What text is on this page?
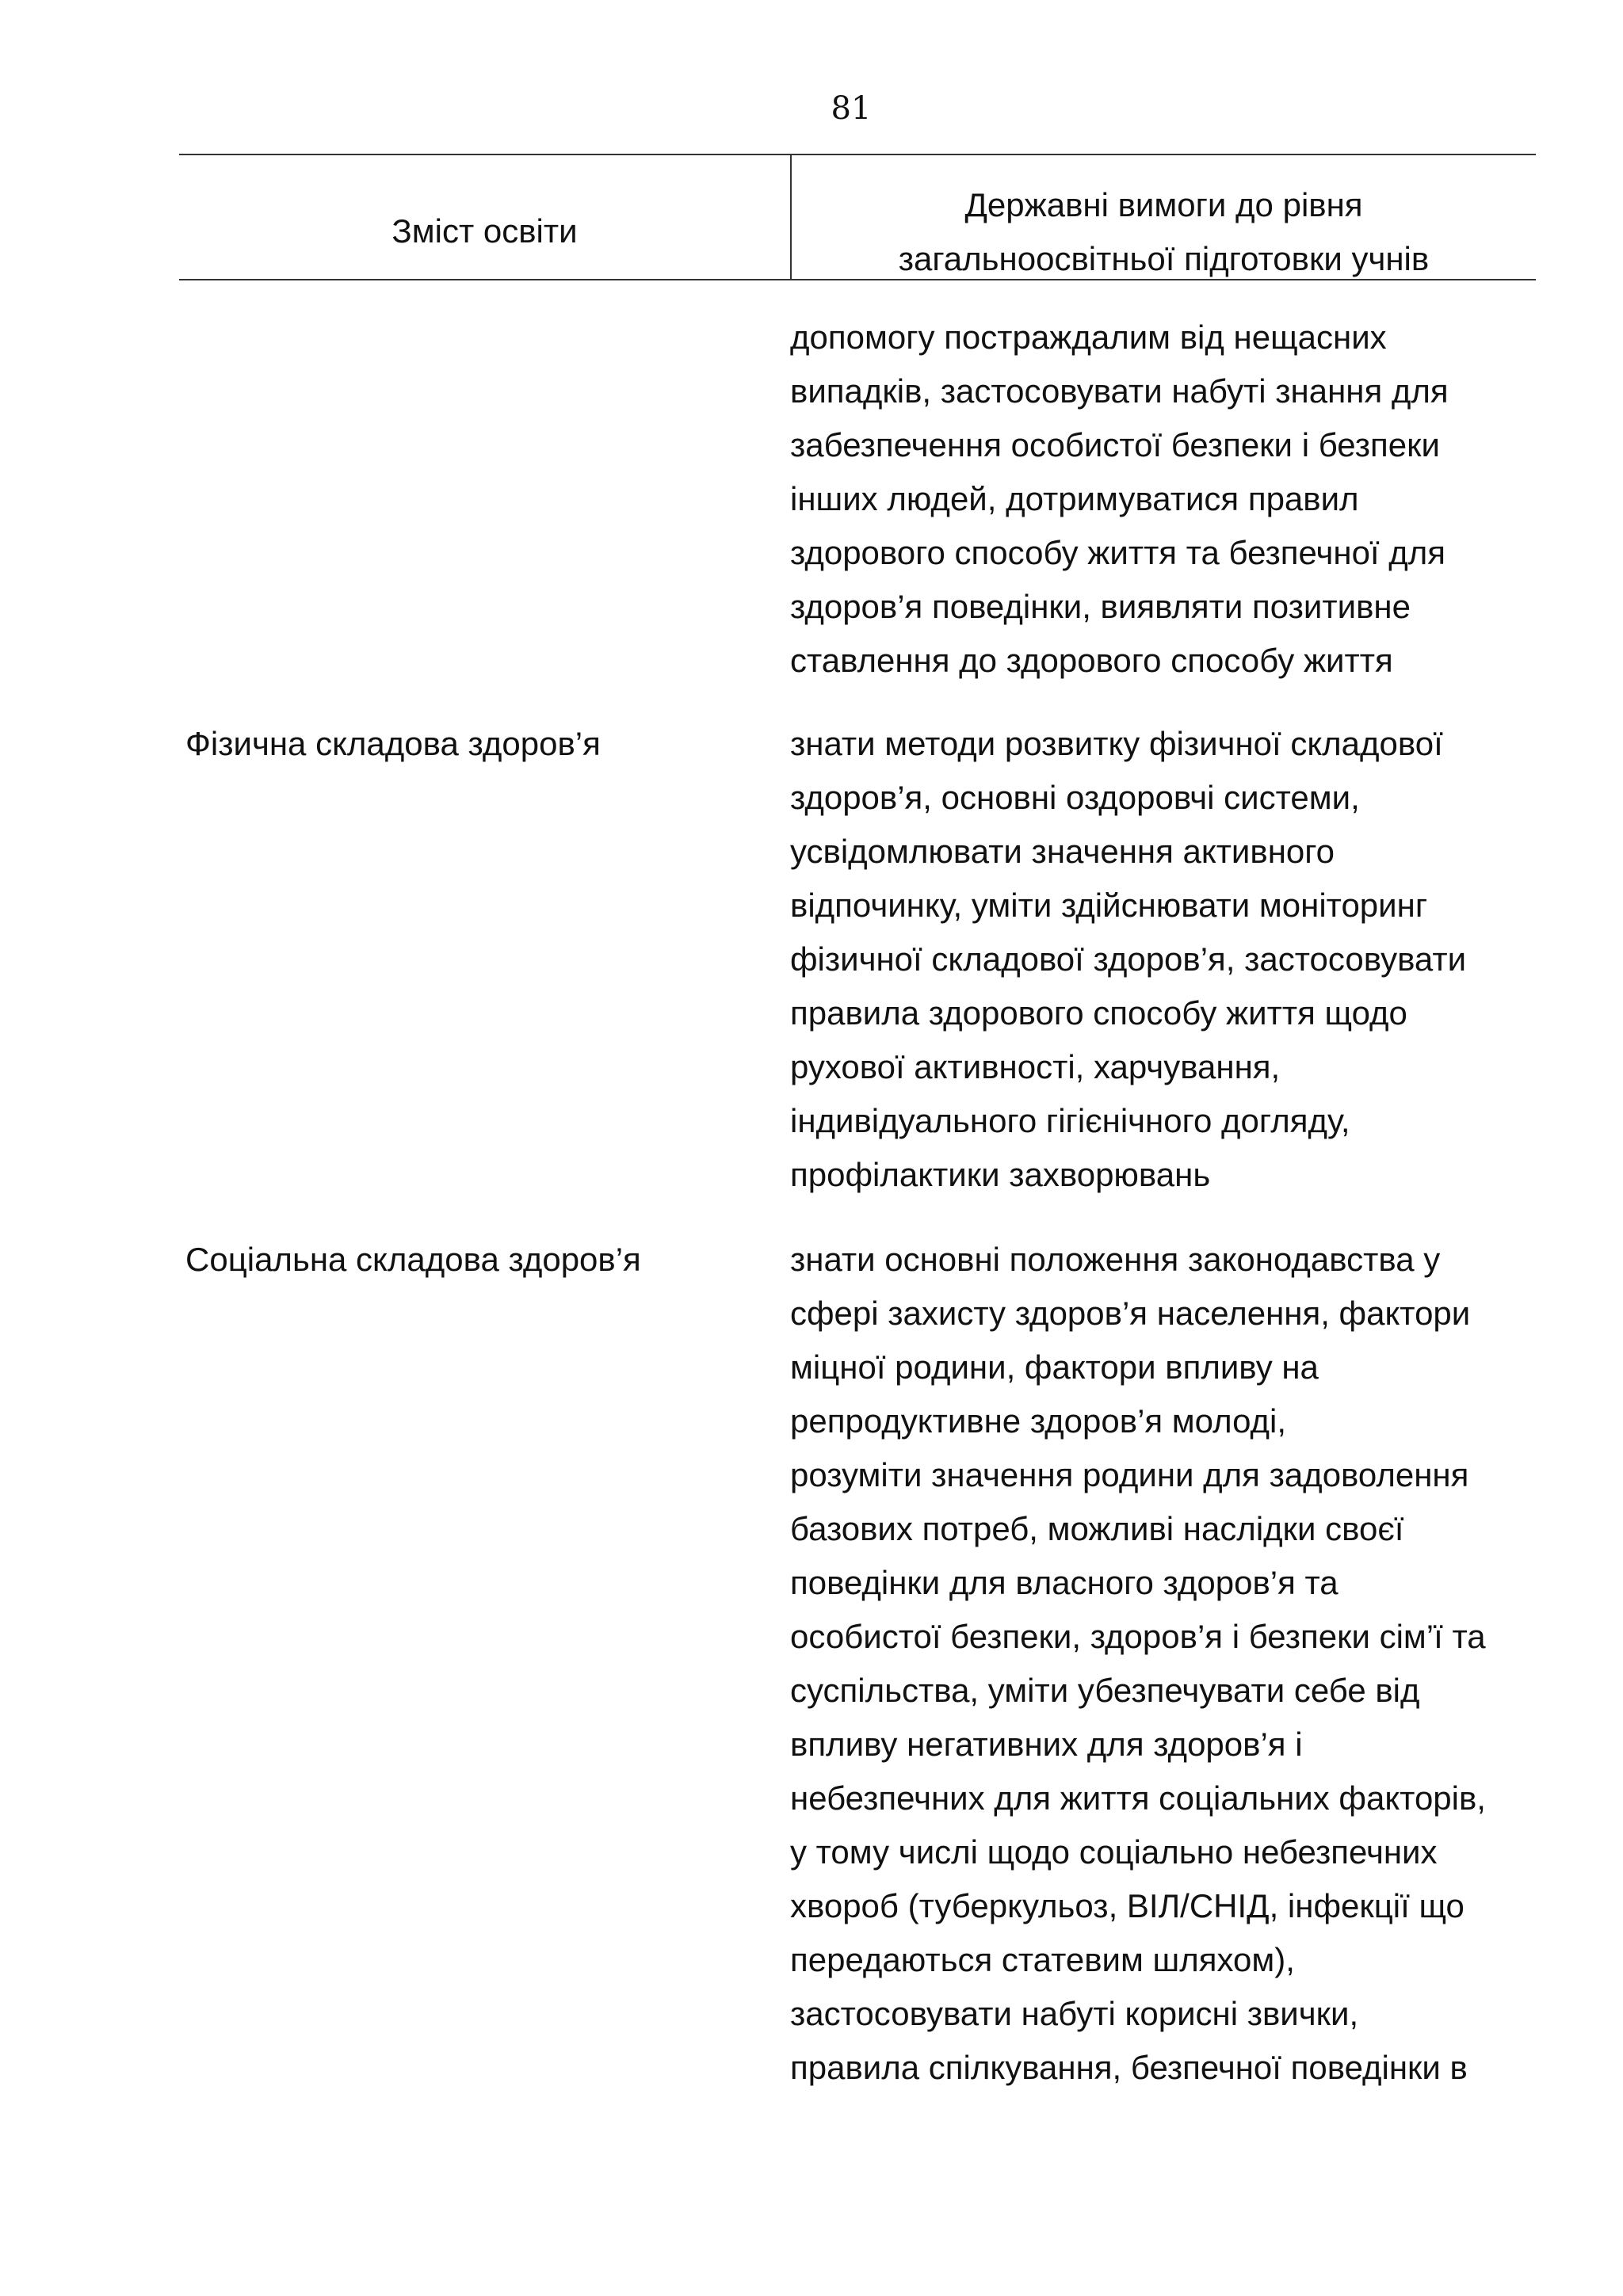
81
Зміст освіти
Державні вимоги до рівня
загальноосвітньої підготовки учнів
допомогу постраждалим від нещасних
випадків, застосовувати набуті знання для
забезпечення особистої безпеки і безпеки
інших людей, дотримуватися правил
здорового способу життя та безпечної для
здоров’я поведінки, виявляти позитивне
ставлення до здорового способу життя
Фізична складова здоров’я	знати методи розвитку фізичної складової
здоров’я, основні оздоровчі системи,
усвідомлювати значення активного
відпочинку, уміти здійснювати моніторинг
фізичної складової здоров’я, застосовувати
правила здорового способу життя щодо
рухової активності, харчування,
індивідуального гігієнічного догляду,
профілактики захворювань
Соціальна складова здоров’я	знати основні положення законодавства у
сфері захисту здоров’я населення, фактори
міцної родини, фактори впливу на
репродуктивне здоров’я молоді,
розуміти значення родини для задоволення
базових потреб, можливі наслідки своєї
поведінки для власного здоров’я та
особистої безпеки, здоров’я і безпеки сім’ї та
суспільства, уміти убезпечувати себе від
впливу негативних для здоров’я і
небезпечних для життя соціальних факторів,
у тому числі щодо соціально небезпечних
хвороб (туберкульоз, ВІЛ/СНІД, інфекції що
передаються статевим шляхом),
застосовувати набуті корисні звички,
правила спілкування, безпечної поведінки в
